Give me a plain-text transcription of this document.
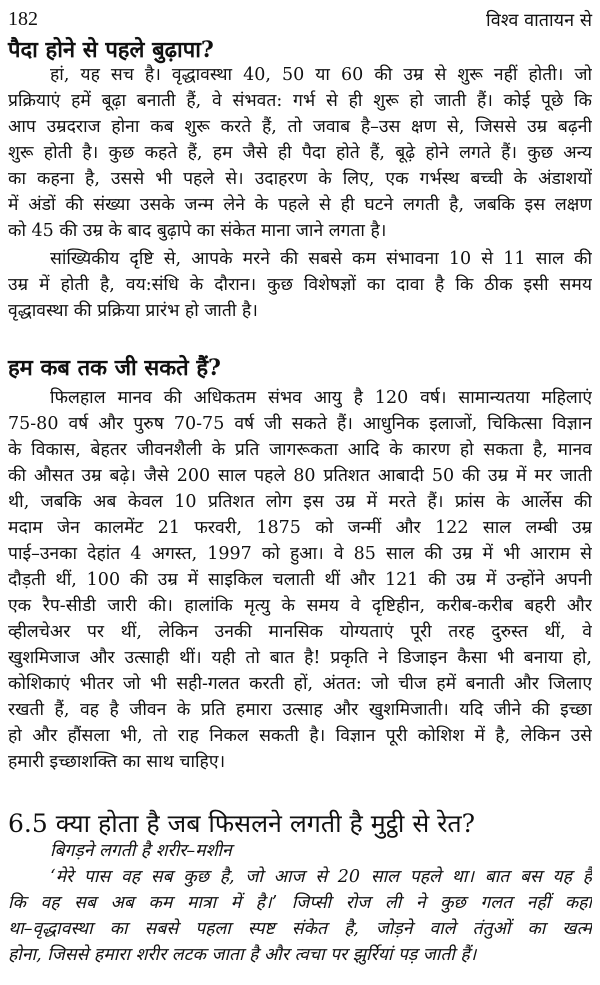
182	विश्व वातायन से
पैदा होने से पहले बुढ़ापा?
हां, यह सच है। वृद्धावस्था 40, 50 या 60 की उम्र से शुरू नहीं होती। जो
प्रक्रियाएं हमें बूढ़ा बनाती हैं, वे संभवत: गर्भ से ही शुरू हो जाती हैं। कोई पूछे कि
आप उम्रदराज होना कब शुरू करते हैं, तो जवाब है–उस क्षण से, जिससे उम्र बढ़नी
शुरू होती है। कुछ कहते हैं, हम जैसे ही पैदा होते हैं, बूढ़े होने लगते हैं। कुछ अन्य
का कहना है, उससे भी पहले से। उदाहरण के लिए, एक गर्भस्थ बच्ची के अंडाशयों
में अंडों की संख्या उसके जन्म लेने के पहले से ही घटने लगती है, जबकि इस लक्षण
को 45 की उम्र के बाद बुढ़ापे का संकेत माना जाने लगता है।
सांख्यिकीय दृष्टि से, आपके मरने की सबसे कम संभावना 10 से 11 साल की
उम्र में होती है, वय:संधि के दौरान। कुछ विशेषज्ञों का दावा है कि ठीक इसी समय
वृद्धावस्था की प्रक्रिया प्रारंभ हो जाती है।
हम कब तक जी सकते हैं?
फिलहाल मानव की अधिकतम संभव आयु है 120 वर्ष। सामान्यतया महिलाएं
75-80 वर्ष और पुरुष 70-75 वर्ष जी सकते हैं। आधुनिक इलाजों, चिकित्सा विज्ञान
के विकास, बेहतर जीवनशैली के प्रति जागरूकता आदि के कारण हो सकता है, मानव
की औसत उम्र बढ़े। जैसे 200 साल पहले 80 प्रतिशत आबादी 50 की उम्र में मर जाती
थी, जबकि अब केवल 10 प्रतिशत लोग इस उम्र में मरते हैं। फ्रांस के आर्लेस की
मदाम जेन कालमेंट 21 फरवरी, 1875 को जन्मीं और 122 साल लम्बी उम्र
पाई–उनका देहांत 4 अगस्त, 1997 को हुआ। वे 85 साल की उम्र में भी आराम से
दौड़ती थीं, 100 की उम्र में साइकिल चलाती थीं और 121 की उम्र में उन्होंने अपनी
एक रैप-सीडी जारी की। हालांकि मृत्यु के समय वे दृष्टिहीन, करीब-करीब बहरी और
व्हीलचेअर पर थीं, लेकिन उनकी मानसिक योग्यताएं पूरी तरह दुरुस्त थीं, वे
खुशमिजाज और उत्साही थीं। यही तो बात है! प्रकृति ने डिजाइन कैसा भी बनाया हो,
कोशिकाएं भीतर जो भी सही-गलत करती हों, अंतत: जो चीज हमें बनाती और जिलाए
रखती हैं, वह है जीवन के प्रति हमारा उत्साह और खुशमिजाती। यदि जीने की इच्छा
हो और हौंसला भी, तो राह निकल सकती है। विज्ञान पूरी कोशिश में है, लेकिन उसे
हमारी इच्छाशक्ति का साथ चाहिए।
6.5 क्या होता है जब फिसलने लगती है मुट्ठी से रेत?
बिगड़ने लगती है शरीर–मशीन
‘मेरे पास वह सब कुछ है, जो आज से 20 साल पहले था। बात बस यह है
कि वह सब अब कम मात्रा में है।’ जिप्सी रोज ली ने कुछ गलत नहीं कहा
था–वृद्धावस्था का सबसे पहला स्पष्ट संकेत है, जोड़ने वाले तंतुओं का खत्म
होना, जिससे हमारा शरीर लटक जाता है और त्वचा पर झुर्रियां पड़ जाती हैं।
